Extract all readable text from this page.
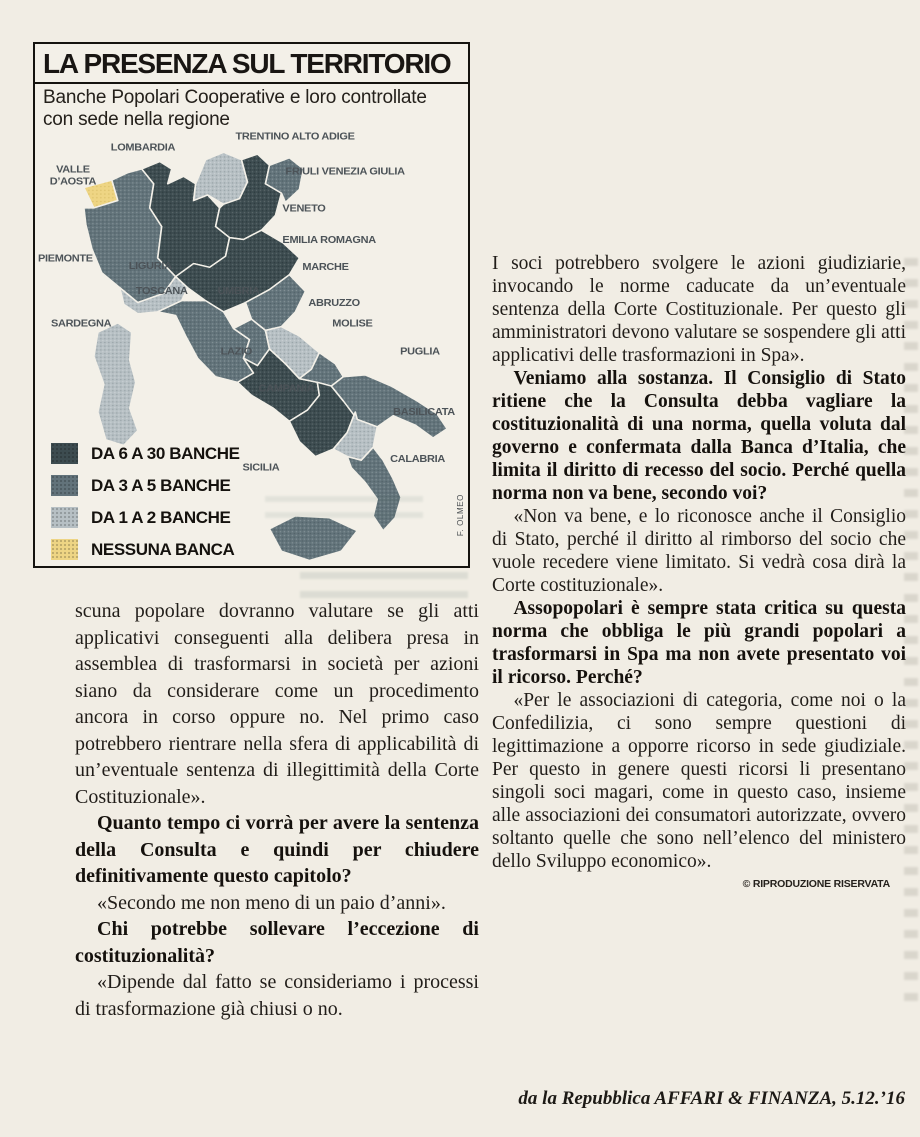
LA PRESENZA SUL TERRITORIO
Banche Popolari Cooperative e loro controllate con sede nella regione
TRENTINO ALTO ADIGE
LOMBARDIA
VALLE
D’AOSTA
FRIULI VENEZIA GIULIA
VENETO
EMILIA ROMAGNA
PIEMONTE
LIGURIA	MARCHE
TOSCANA	UMBRIA
ABRUZZO
SARDEGNA	MOLISE
LAZIO	PUGLIA
CAMPANIA
BASILICATA
CALABRIA
SICILIA
DA 6 A 30 BANCHE
DA 3 A 5 BANCHE
DA 1 A 2 BANCHE
NESSUNA BANCA
F. OLMEO

scuna popolare dovranno valutare se gli atti applicativi conseguenti alla delibera presa in assemblea di trasformarsi in società per azioni siano da considerare come un procedimento ancora in corso oppure no. Nel primo caso potrebbero rientrare nella sfera di applicabilità di un’eventuale sentenza di illegittimità della Corte Costituzionale».

Quanto tempo ci vorrà per avere la sentenza della Consulta e quindi per chiudere definitivamente questo capitolo?

«Secondo me non meno di un paio d’anni».

Chi potrebbe sollevare l’eccezione di costituzionalità?

«Dipende dal fatto se consideriamo i processi di trasformazione già chiusi o no.

I soci potrebbero svolgere le azioni giudiziarie, invocando le norme caducate da un’eventuale sentenza della Corte Costituzionale. Per questo gli amministratori devono valutare se sospendere gli atti applicativi delle trasformazioni in Spa».

Veniamo alla sostanza. Il Consiglio di Stato ritiene che la Consulta debba vagliare la costituzionalità di una norma, quella voluta dal governo e confermata dalla Banca d’Italia, che limita il diritto di recesso del socio. Perché quella norma non va bene, secondo voi?

«Non va bene, e lo riconosce anche il Consiglio di Stato, perché il diritto al rimborso del socio che vuole recedere viene limitato. Si vedrà cosa dirà la Corte costituzionale».

Assopopolari è sempre stata critica su questa norma che obbliga le più grandi popolari a trasformarsi in Spa ma non avete presentato voi il ricorso. Perché?

«Per le associazioni di categoria, come noi o la Confedilizia, ci sono sempre questioni di legittimazione a opporre ricorso in sede giudiziale. Per questo in genere questi ricorsi li presentano singoli soci magari, come in questo caso, insieme alle associazioni dei consumatori autorizzate, ovvero soltanto quelle che sono nell’elenco del ministero dello Sviluppo economico».

© RIPRODUZIONE RISERVATA

da la Repubblica AFFARI & FINANZA, 5.12.’16
